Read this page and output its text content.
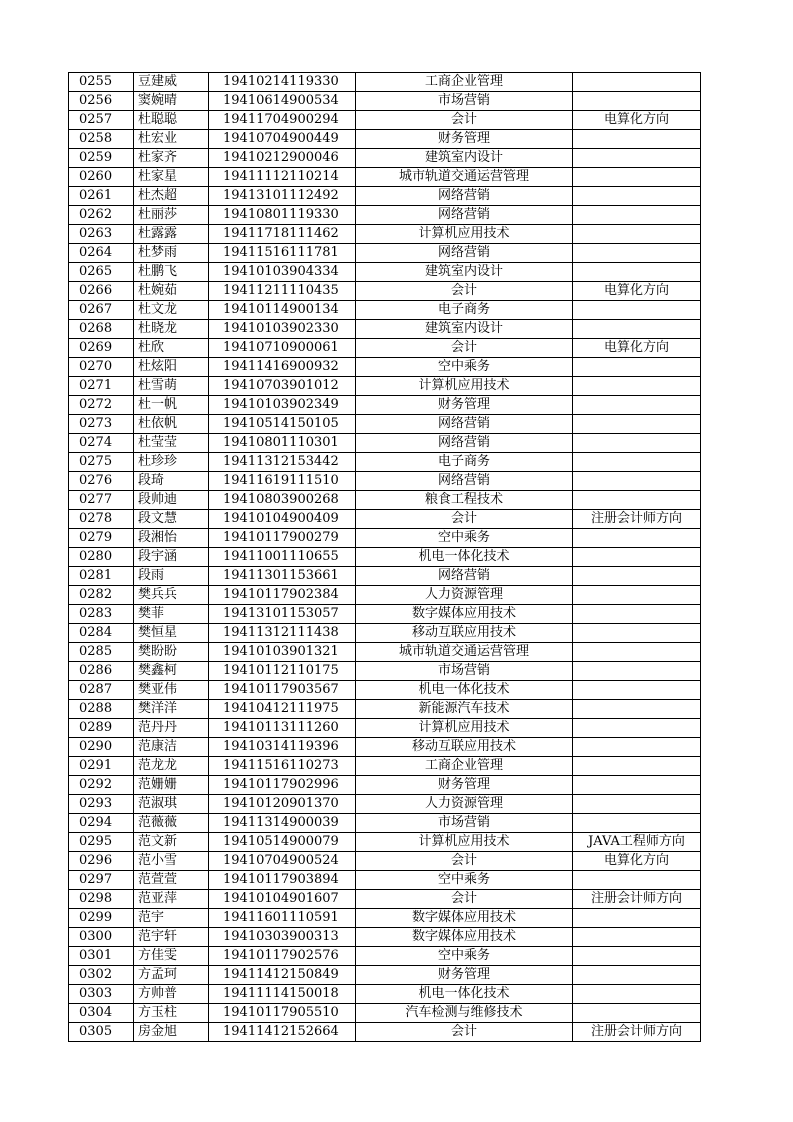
0255	豆建威	19410214119330	工商企业管理	
0256	窦婉晴	19410614900534	市场营销	
0257	杜聪聪	19411704900294	会计	电算化方向
0258	杜宏业	19410704900449	财务管理	
0259	杜家齐	19410212900046	建筑室内设计	
0260	杜家星	19411112110214	城市轨道交通运营管理	
0261	杜杰超	19413101112492	网络营销	
0262	杜丽莎	19410801119330	网络营销	
0263	杜露露	19411718111462	计算机应用技术	
0264	杜梦雨	19411516111781	网络营销	
0265	杜鹏飞	19410103904334	建筑室内设计	
0266	杜婉茹	19411211110435	会计	电算化方向
0267	杜文龙	19410114900134	电子商务	
0268	杜晓龙	19410103902330	建筑室内设计	
0269	杜欣	19410710900061	会计	电算化方向
0270	杜炫阳	19411416900932	空中乘务	
0271	杜雪萌	19410703901012	计算机应用技术	
0272	杜一帆	19410103902349	财务管理	
0273	杜依帆	19410514150105	网络营销	
0274	杜莹莹	19410801110301	网络营销	
0275	杜珍珍	19411312153442	电子商务	
0276	段琦	19411619111510	网络营销	
0277	段帅迪	19410803900268	粮食工程技术	
0278	段文慧	19410104900409	会计	注册会计师方向
0279	段湘怡	19410117900279	空中乘务	
0280	段宇涵	19411001110655	机电一体化技术	
0281	段雨	19411301153661	网络营销	
0282	樊兵兵	19410117902384	人力资源管理	
0283	樊菲	19413101153057	数字媒体应用技术	
0284	樊恒星	19411312111438	移动互联应用技术	
0285	樊盼盼	19410103901321	城市轨道交通运营管理	
0286	樊鑫柯	19410112110175	市场营销	
0287	樊亚伟	19410117903567	机电一体化技术	
0288	樊洋洋	19410412111975	新能源汽车技术	
0289	范丹丹	19410113111260	计算机应用技术	
0290	范康洁	19410314119396	移动互联应用技术	
0291	范龙龙	19411516110273	工商企业管理	
0292	范姗姗	19410117902996	财务管理	
0293	范淑琪	19410120901370	人力资源管理	
0294	范薇薇	19411314900039	市场营销	
0295	范文新	19410514900079	计算机应用技术	JAVA工程师方向
0296	范小雪	19410704900524	会计	电算化方向
0297	范萱萱	19410117903894	空中乘务	
0298	范亚萍	19410104901607	会计	注册会计师方向
0299	范宇	19411601110591	数字媒体应用技术	
0300	范宇轩	19410303900313	数字媒体应用技术	
0301	方佳雯	19410117902576	空中乘务	
0302	方孟珂	19411412150849	财务管理	
0303	方帅普	19411114150018	机电一体化技术	
0304	方玉柱	19410117905510	汽车检测与维修技术	
0305	房金旭	19411412152664	会计	注册会计师方向
